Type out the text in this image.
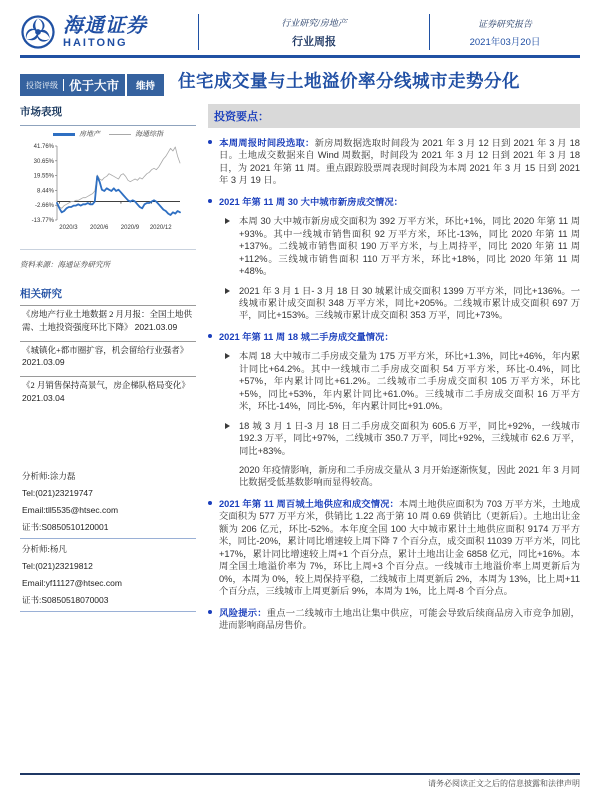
海通证券
HAITONG
行业研究/房地产
行业周报
证券研究报告
2021年03月20日
投资评级 优于大市	维持	住宅成交量与土地溢价率分线城市走势分化
市场表现
房地产	海通综指
41.76%
30.65%
19.55%
8.44%
-2.66%
-13.77%
2020/3 2020/6 2020/9 2020/12
资料来源：海通证券研究所
相关研究
《房地产行业土地数据 2 月月报：全国土地供需、土地投资强度环比下降》 2021.03.09
《城镇化+都市圈扩容，机会留给行业强者》 2021.03.09
《2 月销售保持高景气，房企梯队格局变化》 2021.03.04
分析师:涂力磊
Tel:(021)23219747
Email:tll5535@htsec.com
证书:S0850510120001
分析师:杨凡
Tel:(021)23219812
Email:yf11127@htsec.com
证书:S0850518070003
投资要点：

本周周报时间段选取：新房周数据选取时间段为 2021 年 3 月 12 日到 2021 年 3 月 18 日。土地成交数据来自 Wind 周数据，时间段为 2021 年 3 月 12 日到 2021 年 3 月 18 日，为 2021 年第 11 周。重点跟踪股票周表现时间段为本周 2021 年 3 月 15 日到 2021 年 3 月 19 日。

2021 年第 11 周 30 大中城市新房成交情况：

本周 30 大中城市新房成交面积为 392 万平方米，环比+1%，同比 2020 年第 11 周+93%。其中一线城市销售面积 92 万平方米，环比-13%，同比 2020 年第 11 周+137%。二线城市销售面积 190 万平方米，与上周持平，同比 2020 年第 11 周+112%。三线城市销售面积 110 万平方米，环比+18%，同比 2020 年第 11 周+48%。

2021 年 3 月 1 日- 3 月 18 日 30 城累计成交面积 1399 万平方米，同比+136%。一线城市累计成交面积 348 万平方米，同比+205%。二线城市累计成交面积 697 万平，同比+153%。三线城市累计成交面积 353 万平，同比+73%。

2021 年第 11 周 18 城二手房成交量情况：

本周 18 大中城市二手房成交量为 175 万平方米，环比+1.3%，同比+46%，年内累计同比+64.2%。其中一线城市二手房成交面积 54 万平方米，环比-0.4%，同比+57%，年内累计同比+61.2%。二线城市二手房成交面积 105 万平方米，环比+5%，同比+53%，年内累计同比+61.0%。三线城市二手房成交面积 16 万平方米，环比-14%，同比-5%，年内累计同比+91.0%。

18 城 3 月 1 日-3 月 18 日二手房成交面积为 605.6 万平，同比+92%，一线城市 192.3 万平，同比+97%，二线城市 350.7 万平，同比+92%，三线城市 62.6 万平，同比+83%。

2020 年疫情影响，新房和二手房成交量从 3 月开始逐渐恢复，因此 2021 年 3 月同比数据受低基数影响而显得较高。

2021 年第 11 周百城土地供应和成交情况：本周土地供应面积为 703 万平方米，土地成交面积为 577 万平方米，供销比 1.22 高于第 10 周 0.69 供销比（更新后）。土地出让金额为 206 亿元，环比-52%。本年度全国 100 大中城市累计土地供应面积 9174 万平方米，同比-20%，累计同比增速较上周下降 7 个百分点，成交面积 11039 万平方米，同比+17%，累计同比增速较上周+1 个百分点，累计土地出让金 6858 亿元，同比+16%。本周全国土地溢价率为 7%，环比上周+3 个百分点。一线城市土地溢价率上周更新后为 0%，本周为 0%，较上周保持平稳，二线城市上周更新后 2%，本周为 13%，比上周+11 个百分点，三线城市上周更新后 9%，本周为 1%，比上周-8 个百分点。

风险提示：重点一二线城市土地出让集中供应，可能会导致后续商品房入市竞争加剧，进而影响商品房售价。

请务必阅读正文之后的信息披露和法律声明
